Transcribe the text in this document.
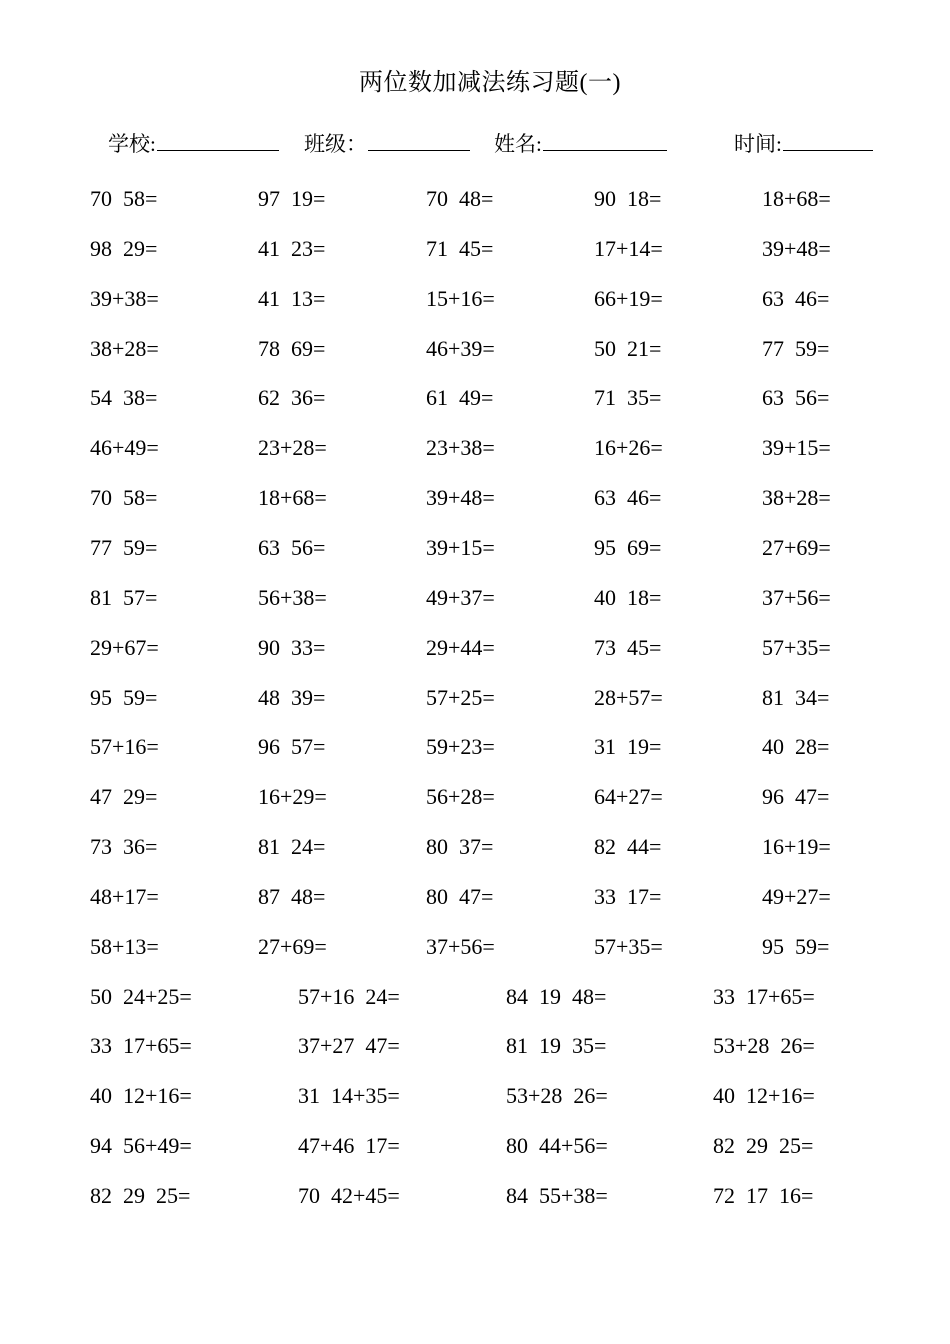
两位数加减法练习题(一)
学校:	班级：	姓名:	时间:
70  58=	97  19=	70  48=	90  18=	18+68=
98  29=	41  23=	71  45=	17+14=	39+48=
39+38=	41  13=	15+16=	66+19=	63  46=
38+28=	78  69=	46+39=	50  21=	77  59=
54  38=	62  36=	61  49=	71  35=	63  56=
46+49=	23+28=	23+38=	16+26=	39+15=
70  58=	18+68=	39+48=	63  46=	38+28=
77  59=	63  56=	39+15=	95  69=	27+69=
81  57=	56+38=	49+37=	40  18=	37+56=
29+67=	90  33=	29+44=	73  45=	57+35=
95  59=	48  39=	57+25=	28+57=	81  34=
57+16=	96  57=	59+23=	31  19=	40  28=
47  29=	16+29=	56+28=	64+27=	96  47=
73  36=	81  24=	80  37=	82  44=	16+19=
48+17=	87  48=	80  47=	33  17=	49+27=
58+13=	27+69=	37+56=	57+35=	95  59=
50  24+25=	57+16  24=	84  19  48=	33  17+65=
33  17+65=	37+27  47=	81  19  35=	53+28  26=
40  12+16=	31  14+35=	53+28  26=	40  12+16=
94  56+49=	47+46  17=	80  44+56=	82  29  25=
82  29  25=	70  42+45=	84  55+38=	72  17  16=
